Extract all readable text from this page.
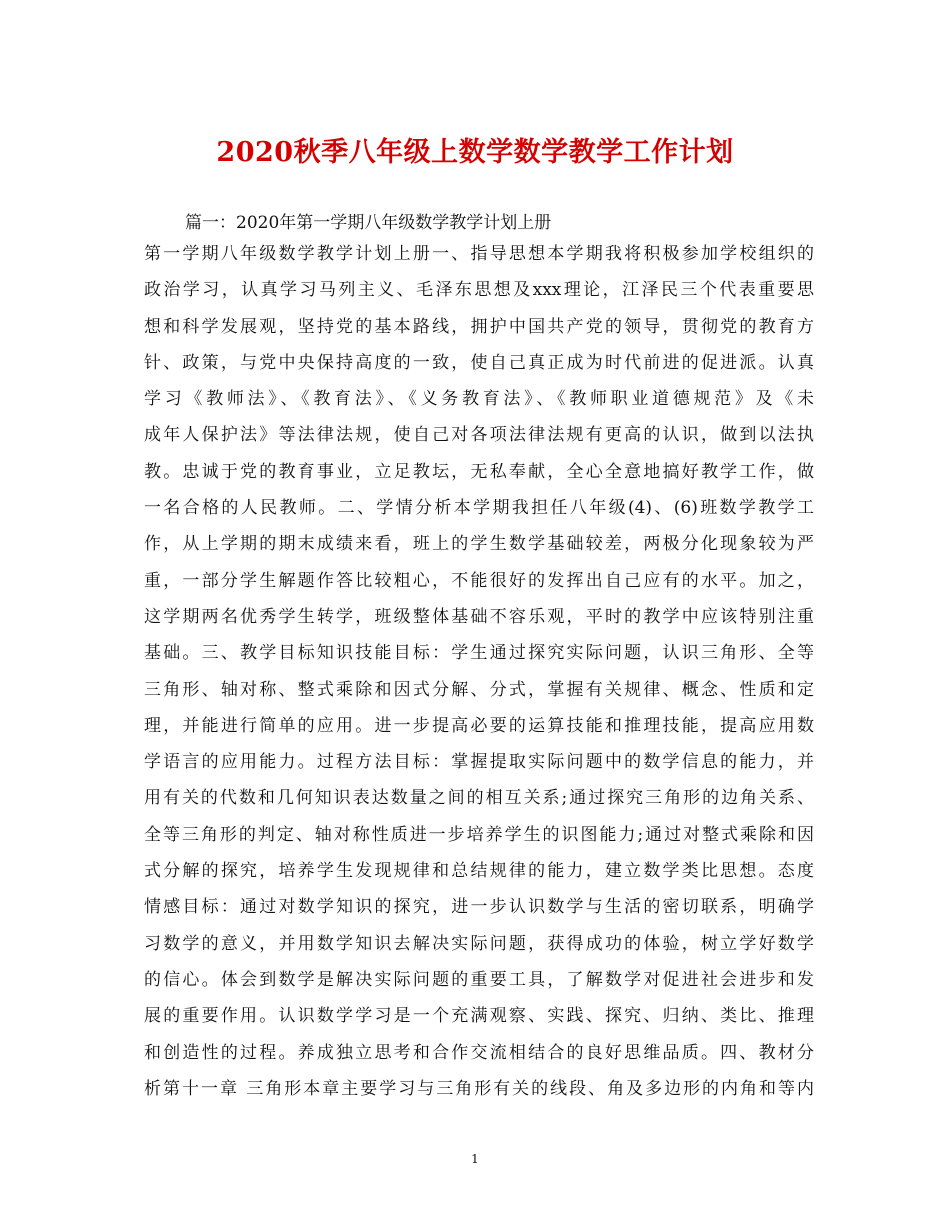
2020秋季八年级上数学数学教学工作计划

篇一：2020年第一学期八年级数学教学计划上册

第一学期八年级数学教学计划上册一、指导思想本学期我将积极参加学校组织的
政治学习，认真学习马列主义、毛泽东思想及xxx理论，江泽民三个代表重要思
想和科学发展观，坚持党的基本路线，拥护中国共产党的领导，贯彻党的教育方
针、政策，与党中央保持高度的一致，使自己真正成为时代前进的促进派。认真
学习《教师法》、《教育法》、《义务教育法》、《教师职业道德规范》及《未
成年人保护法》等法律法规，使自己对各项法律法规有更高的认识，做到以法执
教。忠诚于党的教育事业，立足教坛，无私奉献，全心全意地搞好教学工作，做
一名合格的人民教师。二、学情分析本学期我担任八年级(4)、(6)班数学教学工
作，从上学期的期末成绩来看，班上的学生数学基础较差，两极分化现象较为严
重，一部分学生解题作答比较粗心，不能很好的发挥出自己应有的水平。加之，
这学期两名优秀学生转学，班级整体基础不容乐观，平时的教学中应该特别注重
基础。三、教学目标知识技能目标：学生通过探究实际问题，认识三角形、全等
三角形、轴对称、整式乘除和因式分解、分式，掌握有关规律、概念、性质和定
理，并能进行简单的应用。进一步提高必要的运算技能和推理技能，提高应用数
学语言的应用能力。过程方法目标：掌握提取实际问题中的数学信息的能力，并
用有关的代数和几何知识表达数量之间的相互关系;通过探究三角形的边角关系、
全等三角形的判定、轴对称性质进一步培养学生的识图能力;通过对整式乘除和因
式分解的探究，培养学生发现规律和总结规律的能力，建立数学类比思想。态度
情感目标：通过对数学知识的探究，进一步认识数学与生活的密切联系，明确学
习数学的意义，并用数学知识去解决实际问题，获得成功的体验，树立学好数学
的信心。体会到数学是解决实际问题的重要工具，了解数学对促进社会进步和发
展的重要作用。认识数学学习是一个充满观察、实践、探究、归纳、类比、推理
和创造性的过程。养成独立思考和合作交流相结合的良好思维品质。四、教材分
析第十一章 三角形本章主要学习与三角形有关的线段、角及多边形的内角和等内

1
